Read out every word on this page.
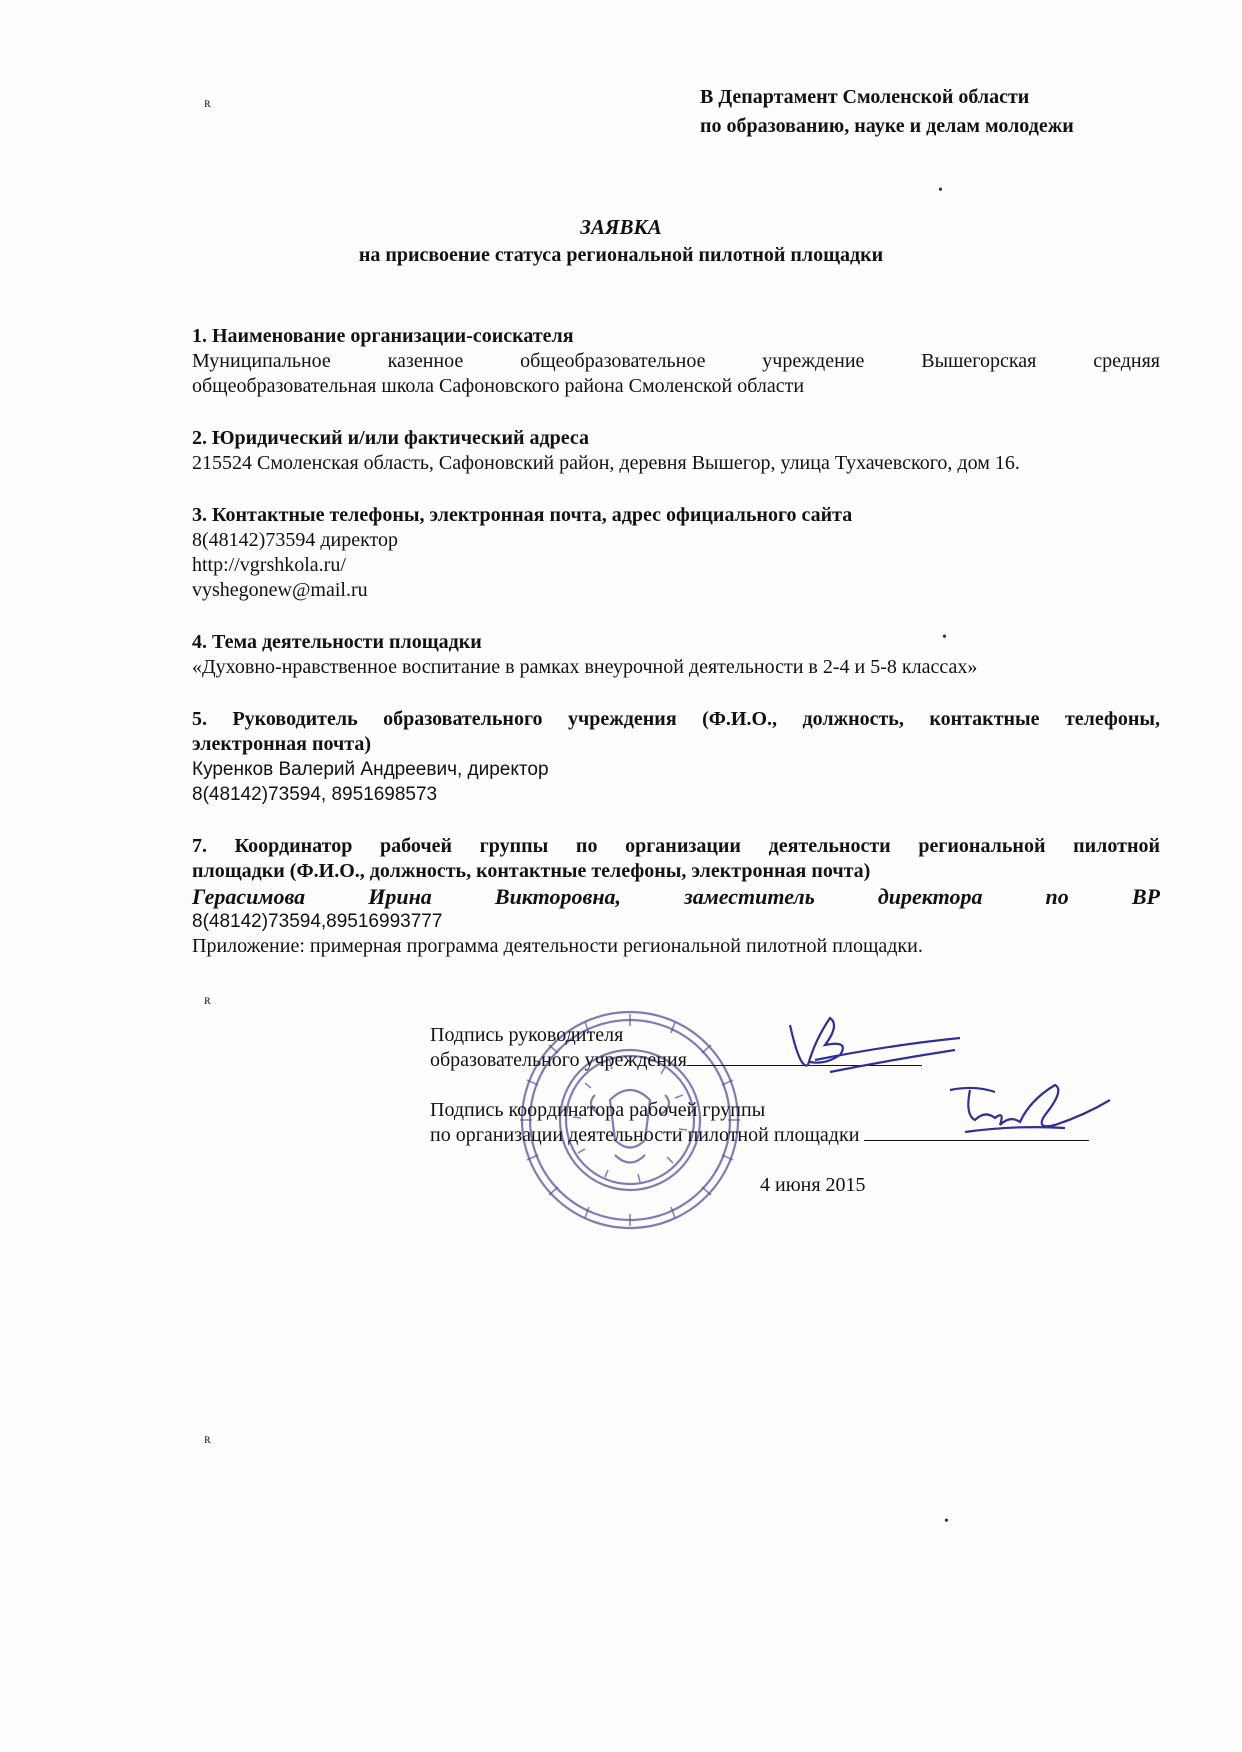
В Департамент Смоленской области
по образованию, науке и делам молодежи
ЗАЯВКА
на присвоение статуса региональной пилотной площадки
1. Наименование организации-соискателя
Муниципальное казенное общеобразовательное учреждение Вышегорская средняя
общеобразовательная школа Сафоновского района Смоленской области
2. Юридический и/или фактический адреса
215524 Смоленская область, Сафоновский район, деревня Вышегор, улица Тухачевского, дом 16.
3. Контактные телефоны, электронная почта, адрес официального сайта
8(48142)73594 директор
http://vgrshkola.ru/
vyshegonew@mail.ru
4. Тема деятельности площадки
«Духовно-нравственное воспитание в рамках внеурочной деятельности в 2-4 и 5-8 классах»
5. Руководитель образовательного учреждения (Ф.И.О., должность, контактные телефоны,
электронная почта)
Куренков Валерий Андреевич, директор
8(48142)73594, 8951698573
7. Координатор рабочей группы по организации деятельности региональной пилотной
площадки (Ф.И.О., должность, контактные телефоны, электронная почта)
Герасимова Ирина Викторовна, заместитель директора по ВР
8(48142)73594,89516993777
Приложение: примерная программа деятельности региональной пилотной площадки.
Подпись руководителя
образовательного учреждения
Подпись координатора рабочей группы
по организации деятельности пилотной площадки
4 июня 2015
ʀ
ʀ
ʀ
•
•
•
